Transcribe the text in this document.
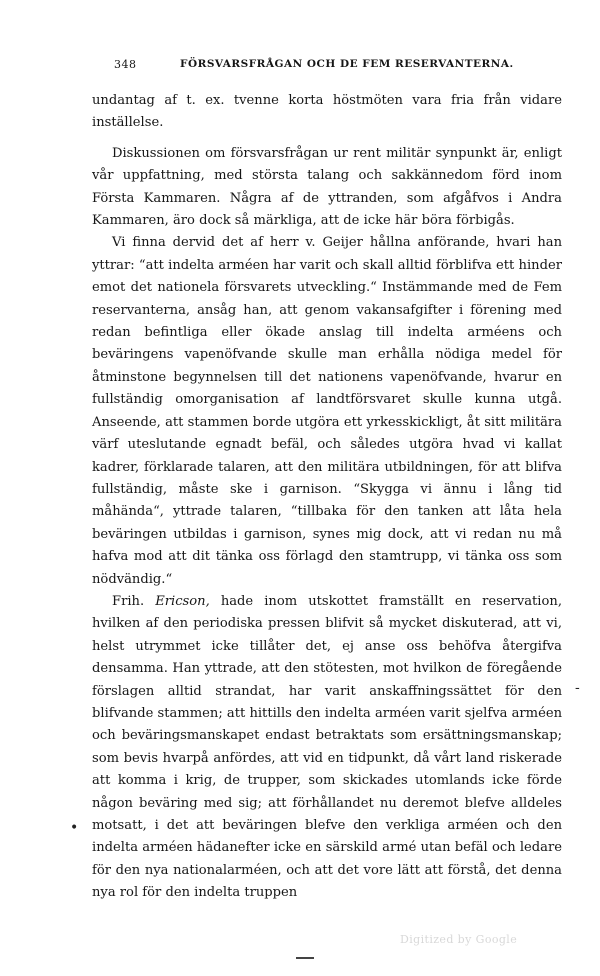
348	FÖRSVARSFRÅGAN OCH DE FEM RESERVANTERNA.

undantag af t. ex. tvenne korta höstmöten vara fria från vidare inställelse.

Diskussionen om försvarsfrågan ur rent militär synpunkt är, enligt vår uppfattning, med största talang och sakkännedom förd inom Första Kammaren. Några af de yttranden, som afgåfvos i Andra Kammaren, äro dock så märkliga, att de icke här böra förbigås.

Vi finna dervid det af herr v. Geijer hållna anförande, hvari han yttrar: “att indelta arméen har varit och skall alltid förblifva ett hinder emot det nationela försvarets utveckling.“ Instämmande med de Fem reservanterna, ansåg han, att genom vakansafgifter i förening med redan befintliga eller ökade anslag till indelta arméens och beväringens vapenöfvande skulle man erhålla nödiga medel för åtminstone begynnelsen till det nationens vapenöfvande, hvarur en fullständig omorganisation af landtförsvaret skulle kunna utgå. Anseende, att stammen borde utgöra ett yrkesskickligt, åt sitt militära värf uteslutande egnadt befäl, och således utgöra hvad vi kallat kadrer, förklarade talaren, att den militära utbildningen, för att blifva fullständig, måste ske i garnison. “Skygga vi ännu i lång tid måhända“, yttrade talaren, “tillbaka för den tanken att låta hela beväringen utbildas i garnison, synes mig dock, att vi redan nu må hafva mod att dit tänka oss förlagd den stamtrupp, vi tänka oss som nödvändig.“

Frih. Ericson, hade inom utskottet framställt en reservation, hvilken af den periodiska pressen blifvit så mycket diskuterad, att vi, helst utrymmet icke tillåter det, ej anse oss behöfva återgifva densamma. Han yttrade, att den stötesten, mot hvilkon de föregående förslagen alltid strandat, har varit anskaffningssättet för den blifvande stammen; att hittills den indelta arméen varit sjelfva arméen och beväringsmanskapet endast betraktats som ersättningsmanskap; som bevis hvarpå anfördes, att vid en tidpunkt, då vårt land riskerade att komma i krig, de trupper, som skickades utomlands icke förde någon beväring med sig; att förhållandet nu deremot blefve alldeles motsatt, i det att beväringen blefve den verkliga arméen och den indelta arméen hädanefter icke en särskild armé utan befäl och ledare för den nya nationalarméen, och att det vore lätt att förstå, det denna nya rol för den indelta truppen

•
-
Digitized by Google
